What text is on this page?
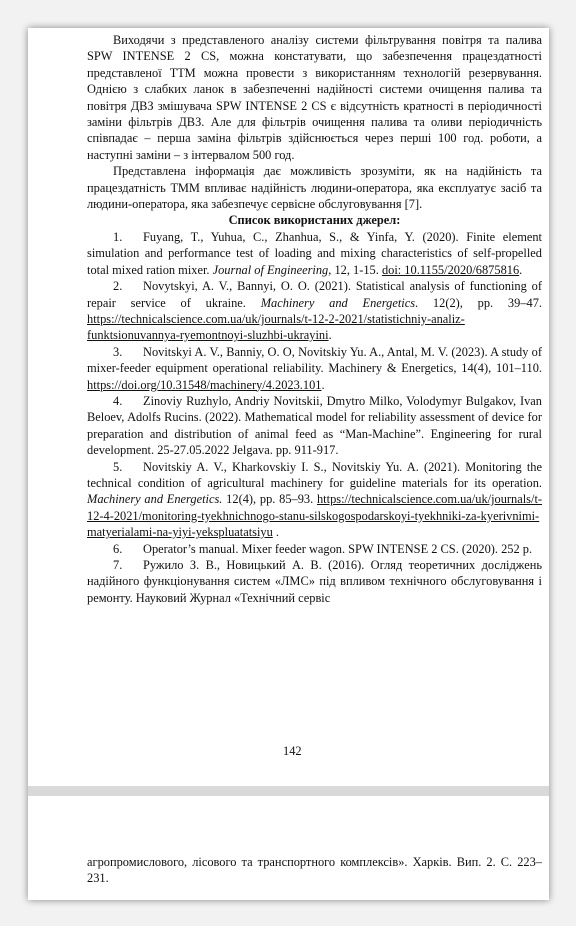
Виходячи з представленого аналізу системи фільтрування повітря та палива SPW INTENSE 2 CS, можна констатувати, що забезпечення працездатності представленої ТТМ можна провести з використанням технологій резервування. Однією з слабких ланок в забезпеченні надійності системи очищення палива та повітря ДВЗ змішувача SPW INTENSE 2 CS є відсутність кратності в періодичності заміни фільтрів ДВЗ. Але для фільтрів очищення палива та оливи періодичність співпадає – перша заміна фільтрів здійснюється через перші 100 год. роботи, а наступні заміни – з інтервалом 500 год.

Представлена інформація дає можливість зрозуміти, як на надійність та працездатність ТММ впливає надійність людини-оператора, яка експлуатує засіб та людини-оператора, яка забезпечує сервісне обслуговування [7].

Список використаних джерел:

1. Fuyang, T., Yuhua, C., Zhanhua, S., & Yinfa, Y. (2020). Finite element simulation and performance test of loading and mixing characteristics of self-propelled total mixed ration mixer. Journal of Engineering, 12, 1-15. doi: 10.1155/2020/6875816.

2. Novytskyi, A. V., Bannyi, O. O. (2021). Statistical analysis of functioning of repair service of ukraine. Machinery and Energetics. 12(2), pp. 39–47. https://technicalscience.com.ua/uk/journals/t-12-2-2021/statistichniy-analiz-funktsionuvannya-ryemontnoyi-sluzhbi-ukrayini.

3. Novitskyi A. V., Banniy, O. O, Novitskiy Yu. A., Antal, M. V. (2023). A study of mixer-feeder equipment operational reliability. Machinery & Energetics, 14(4), 101–110. https://doi.org/10.31548/machinery/4.2023.101.

4. Zinoviy Ruzhylo, Andriy Novitskii, Dmytro Milko, Volodymyr Bulgakov, Ivan Beloev, Adolfs Rucins. (2022). Mathematical model for reliability assessment of device for preparation and distribution of animal feed as “Man-Machine”. Engineering for rural development. 25-27.05.2022 Jelgava. pp. 911-917.

5. Novitskiy A. V., Kharkovskiy I. S., Novitskiy Yu. A. (2021). Monitoring the technical condition of agricultural machinery for guideline materials for its operation. Machinery and Energetics. 12(4), pp. 85–93. https://technicalscience.com.ua/uk/journals/t-12-4-2021/monitoring-tyekhnichnogo-stanu-silskogospodarskoyi-tyekhniki-za-kyerivnimi-matyerialami-na-yiyi-yekspluatatsiyu .

6. Operator’s manual. Mixer feeder wagon. SPW INTENSE 2 CS. (2020). 252 p.

7. Ружило З. В., Новицький А. В. (2016). Огляд теоретичних досліджень надійного функціонування систем «ЛМС» під впливом технічного обслуговування і ремонту. Науковий Журнал «Технічний сервіс

142

агропромислового, лісового та транспортного комплексів». Харків. Вип. 2. С. 223–231.
